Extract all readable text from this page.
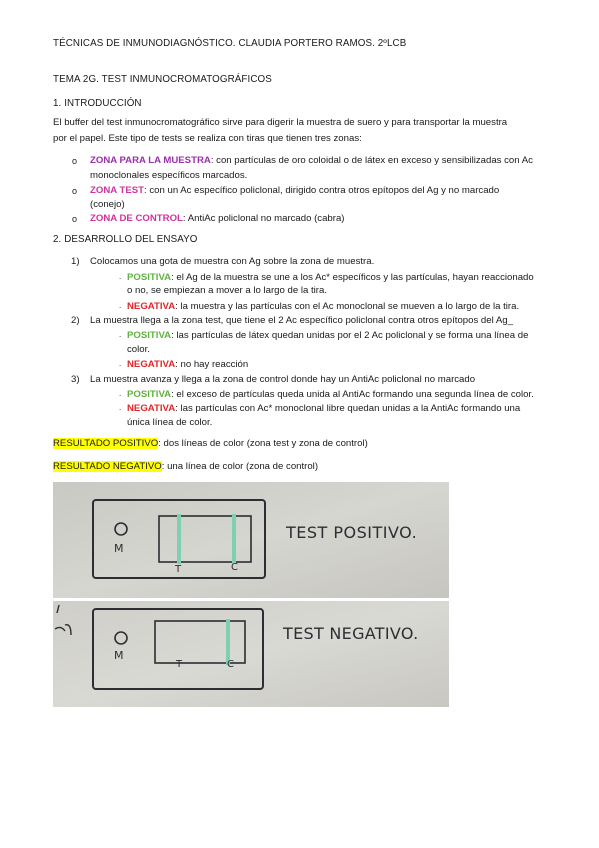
TÉCNICAS DE INMUNODIAGNÓSTICO. CLAUDIA PORTERO RAMOS. 2ºLCB
TEMA 2G. TEST INMUNOCROMATOGRÁFICOS
1. INTRODUCCIÓN
El buffer del test inmunocromatográfico sirve para digerir la muestra de suero y para transportar la muestra
por el papel. Este tipo de tests se realiza con tiras que tienen tres zonas:
o ZONA PARA LA MUESTRA: con partículas de oro coloidal o de látex en exceso y sensibilizadas con Ac
monoclonales específicos marcados.
o ZONA TEST: con un Ac específico policlonal, dirigido contra otros epítopos del Ag y no marcado
(conejo)
o ZONA DE CONTROL: AntiAc policlonal no marcado (cabra)
2. DESARROLLO DEL ENSAYO
1) Colocamos una gota de muestra con Ag sobre la zona de muestra.
. POSITIVA: el Ag de la muestra se une a los Ac* específicos y las partículas, hayan reaccionado
o no, se empiezan a mover a lo largo de la tira.
. NEGATIVA: la muestra y las partículas con el Ac monoclonal se mueven a lo largo de la tira.
2) La muestra llega a la zona test, que tiene el 2 Ac específico policlonal contra otros epítopos del Ag_
. POSITIVA: las partículas de látex quedan unidas por el 2 Ac policlonal y se forma una línea de
color.
. NEGATIVA: no hay reacción
3) La muestra avanza y llega a la zona de control donde hay un AntiAc policlonal no marcado
. POSITIVA: el exceso de partículas queda unida al AntiAc formando una segunda línea de color.
. NEGATIVA: las partículas con Ac* monoclonal libre quedan unidas a la AntiAc formando una
única línea de color.
RESULTADO POSITIVO: dos líneas de color (zona test y zona de control)
RESULTADO NEGATIVO: una línea de color (zona de control)
M
T	C
TEST POSITIVO.
M
T	C
TEST NEGATIVO.
